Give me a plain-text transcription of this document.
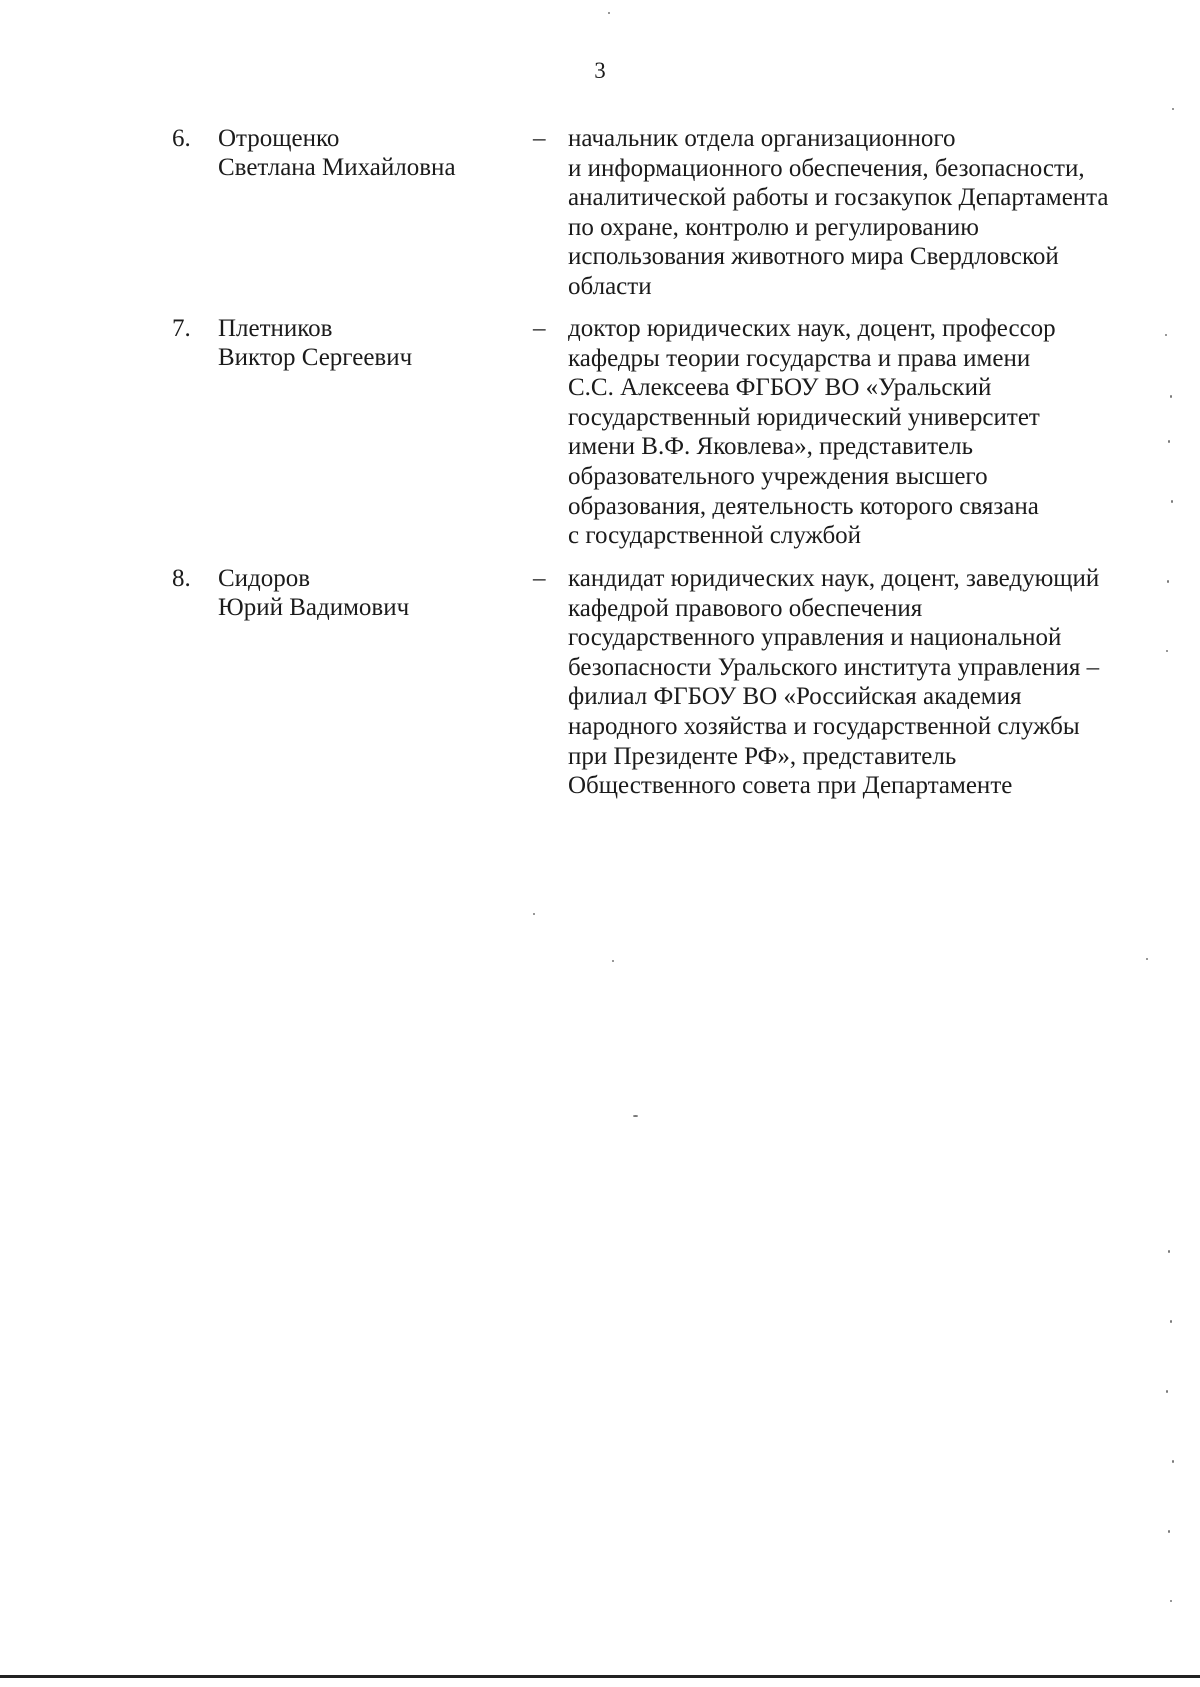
3
6. Отрощенко
Светлана Михайловна
– начальник отдела организационного
и информационного обеспечения, безопасности,
аналитической работы и госзакупок Департамента
по охране, контролю и регулированию
использования животного мира Свердловской
области
7. Плетников
Виктор Сергеевич
– доктор юридических наук, доцент, профессор
кафедры теории государства и права имени
С.С. Алексеева ФГБОУ ВО «Уральский
государственный юридический университет
имени В.Ф. Яковлева», представитель
образовательного учреждения высшего
образования, деятельность которого связана
с государственной службой
8. Сидоров
Юрий Вадимович
– кандидат юридических наук, доцент, заведующий
кафедрой правового обеспечения
государственного управления и национальной
безопасности Уральского института управления –
филиал ФГБОУ ВО «Российская академия
народного хозяйства и государственной службы
при Президенте РФ», представитель
Общественного совета при Департаменте
